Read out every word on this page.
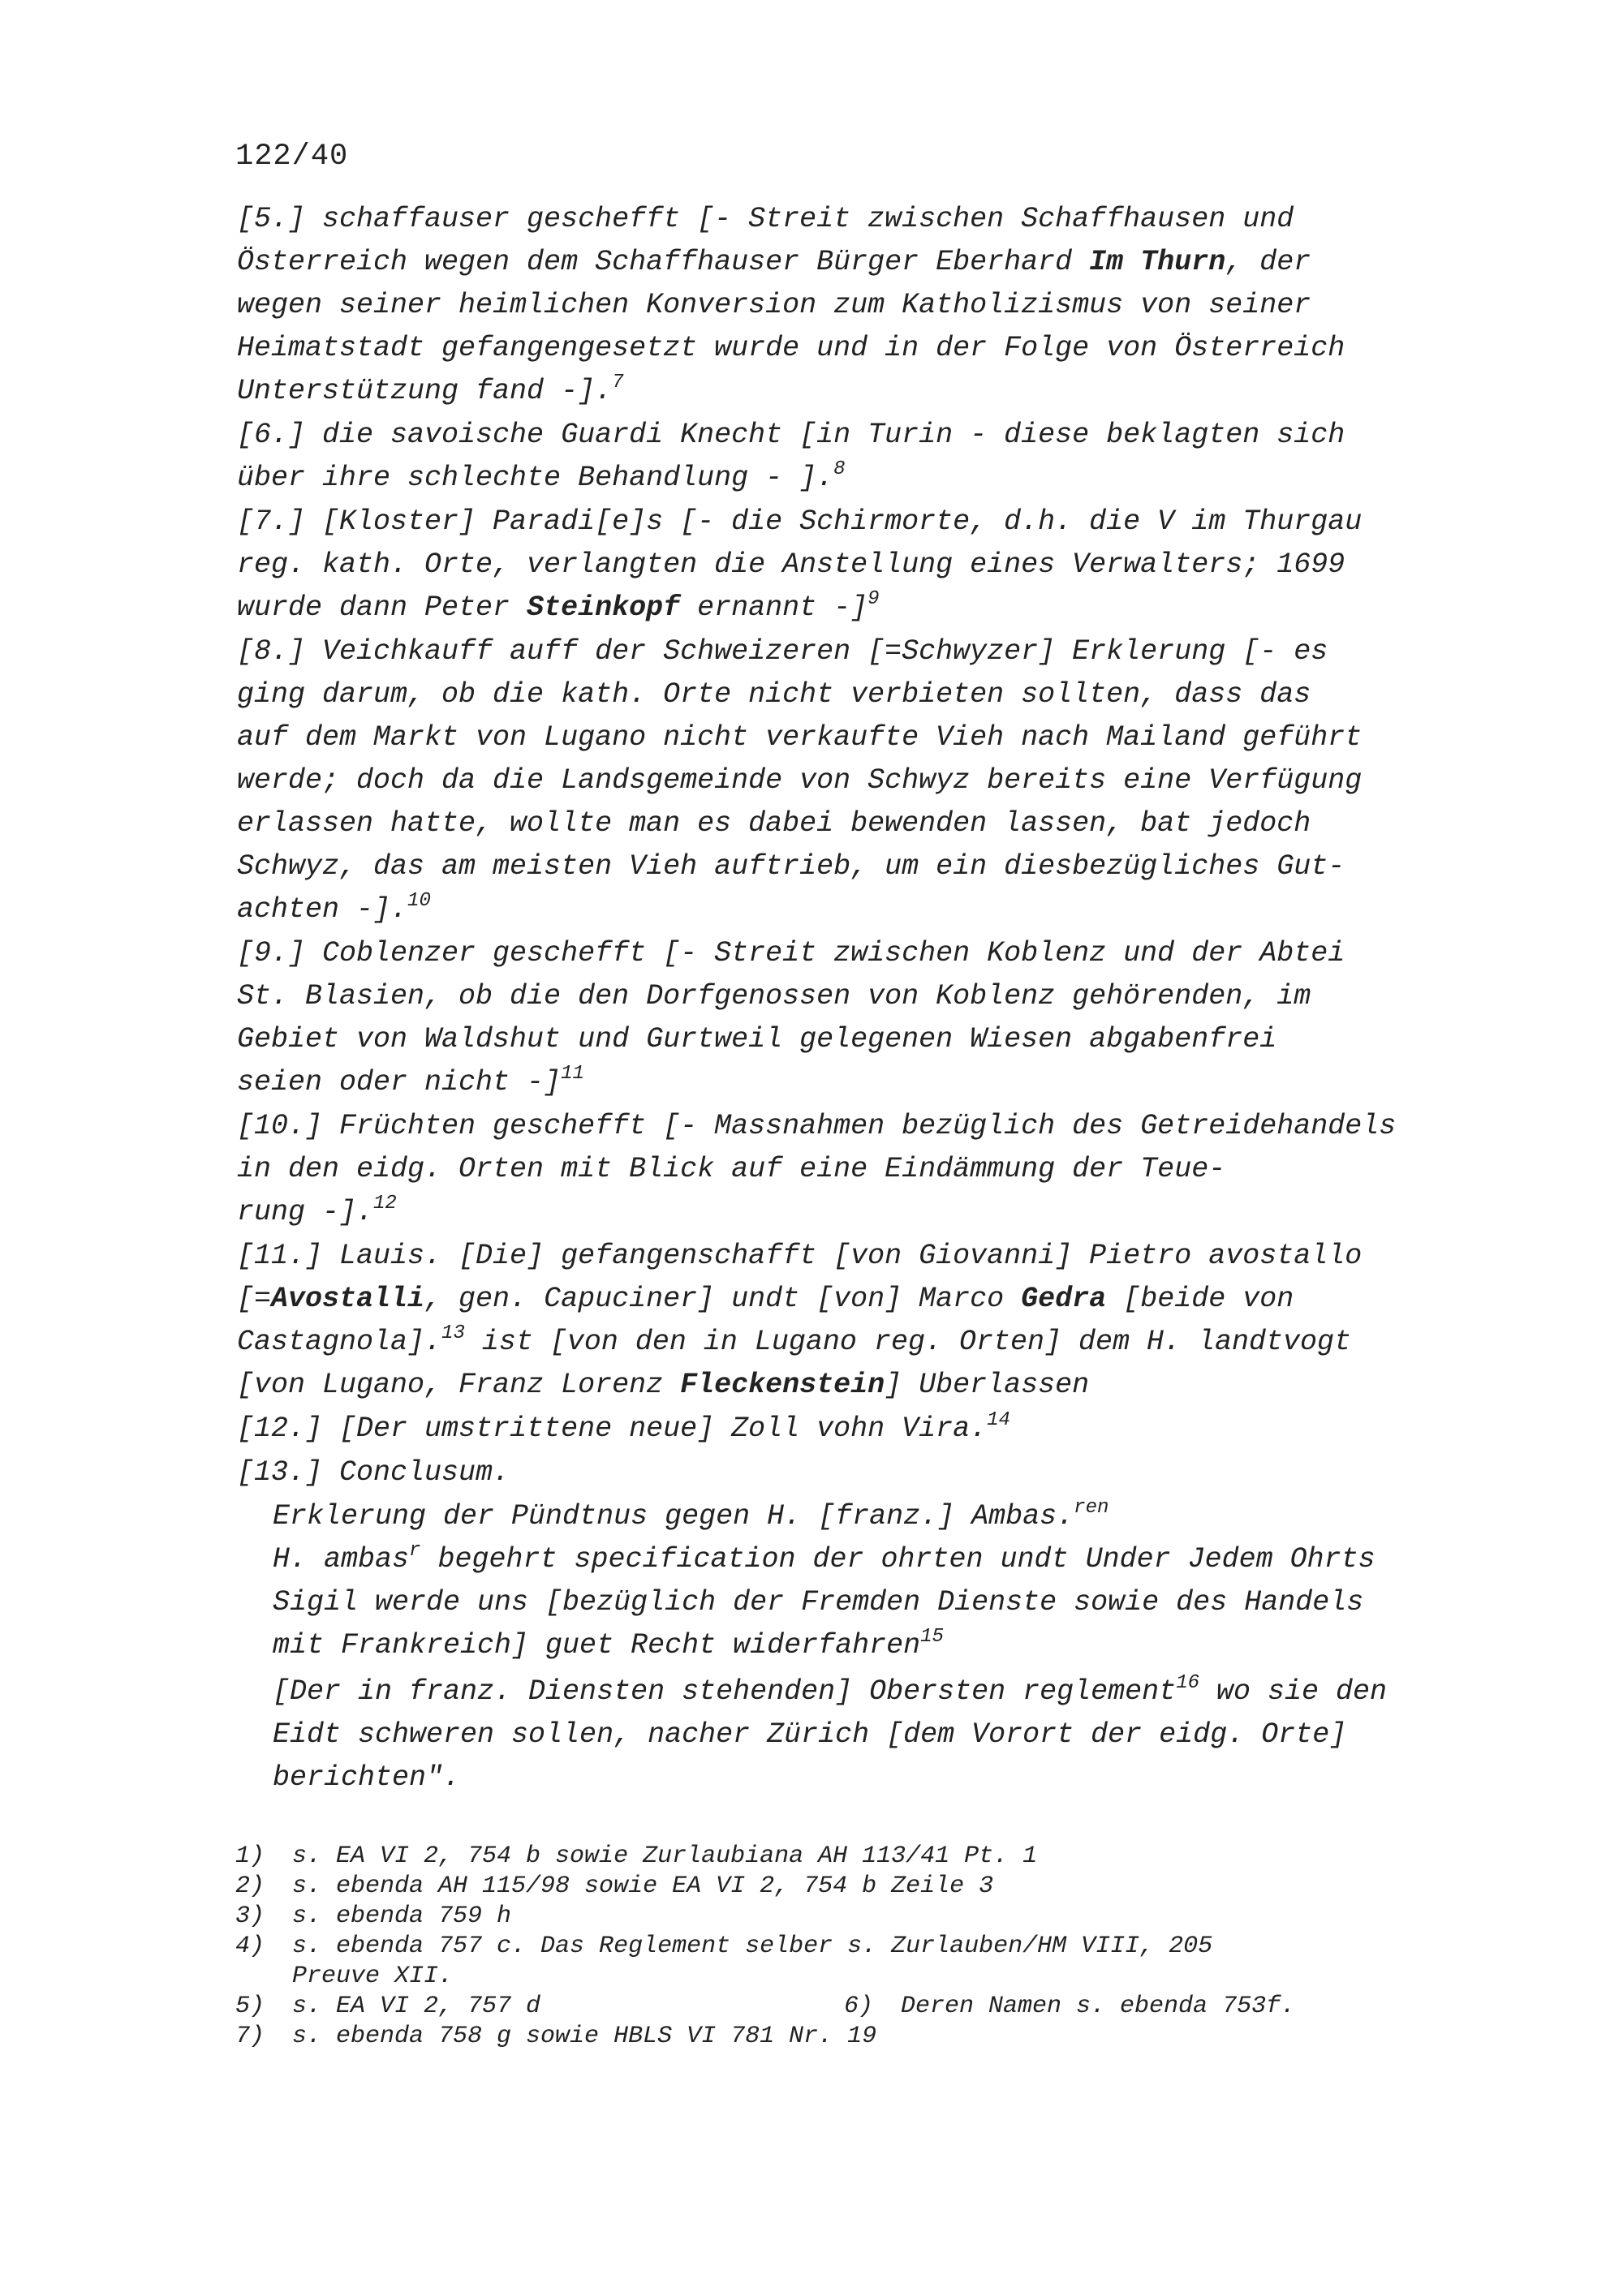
122/40
[5.] schaffauser geschefft [- Streit zwischen Schaffhausen und
Österreich wegen dem Schaffhauser Bürger Eberhard Im Thurn, der
wegen seiner heimlichen Konversion zum Katholizismus von seiner
Heimatstadt gefangengesetzt wurde und in der Folge von Österreich
Unterstützung fand -].$^7$
[6.] die savoische Guardi Knecht [in Turin - diese beklagten sich
über ihre schlechte Behandlung - ].$^8$
[7.] [Kloster] Paradi[e]s [- die Schirmorte, d.h. die V im Thurgau
reg. kath. Orte, verlangten die Anstellung eines Verwalters; 1699
wurde dann Peter Steinkopf ernannt -]$^9$
[8.] Veichkauff auff der Schweizeren [=Schwyzer] Erklerung [- es
ging darum, ob die kath. Orte nicht verbieten sollten, dass das
auf dem Markt von Lugano nicht verkaufte Vieh nach Mailand geführt
werde; doch da die Landsgemeinde von Schwyz bereits eine Verfügung
erlassen hatte, wollte man es dabei bewenden lassen, bat jedoch
Schwyz, das am meisten Vieh auftrieb, um ein diesbezügliches Gut-
achten -].$^{10}$
[9.] Coblenzer geschefft [- Streit zwischen Koblenz und der Abtei
St. Blasien, ob die den Dorfgenossen von Koblenz gehörenden, im
Gebiet von Waldshut und Gurtweil gelegenen Wiesen abgabenfrei
seien oder nicht -]$^{11}$
[10.] Früchten geschefft [- Massnahmen bezüglich des Getreidehandels
in den eidg. Orten mit Blick auf eine Eindämmung der Teue-
rung -].$^{12}$
[11.] Lauis. [Die] gefangenschafft [von Giovanni] Pietro avostallo
[=Avostalli, gen. Capuciner] undt [von] Marco Gedra [beide von
Castagnola].$^{13}$ ist [von den in Lugano reg. Orten] dem H. landtvogt
[von Lugano, Franz Lorenz Fleckenstein] Uberlassen
[12.] [Der umstrittene neue] Zoll vohn Vira.$^{14}$
[13.] Conclusum.
Erklerung der Pündtnus gegen H. [franz.] Ambas.$^{ren}$
H. ambas$^r$ begehrt specification der ohrten undt Under Jedem Ohrts
Sigil werde uns [bezüglich der Fremden Dienste sowie des Handels
mit Frankreich] guet Recht widerfahren$^{15}$
[Der in franz. Diensten stehenden] Obersten reglement$^{16}$ wo sie den
Eidt schweren sollen, nacher Zürich [dem Vorort der eidg. Orte]
berichten".
1) s. EA VI 2, 754 b sowie Zurlaubiana AH 113/41 Pt. 1
2) s. ebenda AH 115/98 sowie EA VI 2, 754 b Zeile 3
3) s. ebenda 759 h
4) s. ebenda 757 c. Das Reglement selber s. Zurlauben/HM VIII, 205
Preuve XII.
5) s. EA VI 2, 757 d	6) Deren Namen s. ebenda 753f.
7) s. ebenda 758 g sowie HBLS VI 781 Nr. 19
